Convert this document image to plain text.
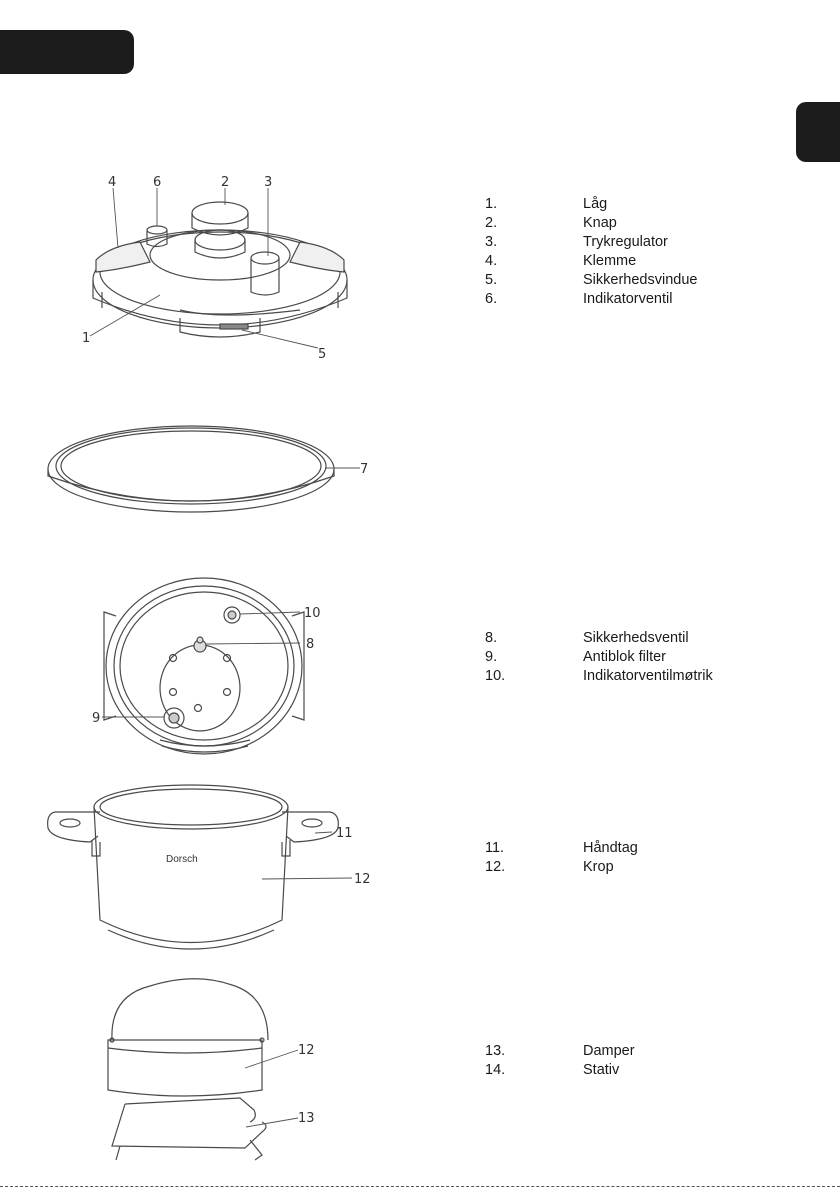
4	6	2	3
1
5
7
10
8
9
11
12
Dorsch
12
13
1.	Låg
2.	Knap
3.	Trykregulator
4.	Klemme
5.	Sikkerhedsvindue
6.	Indikatorventil
8.	Sikkerhedsventil
9.	Antiblok filter
10.	Indikatorventilmøtrik
11.	Håndtag
12.	Krop
13.	Damper
14.	Stativ
